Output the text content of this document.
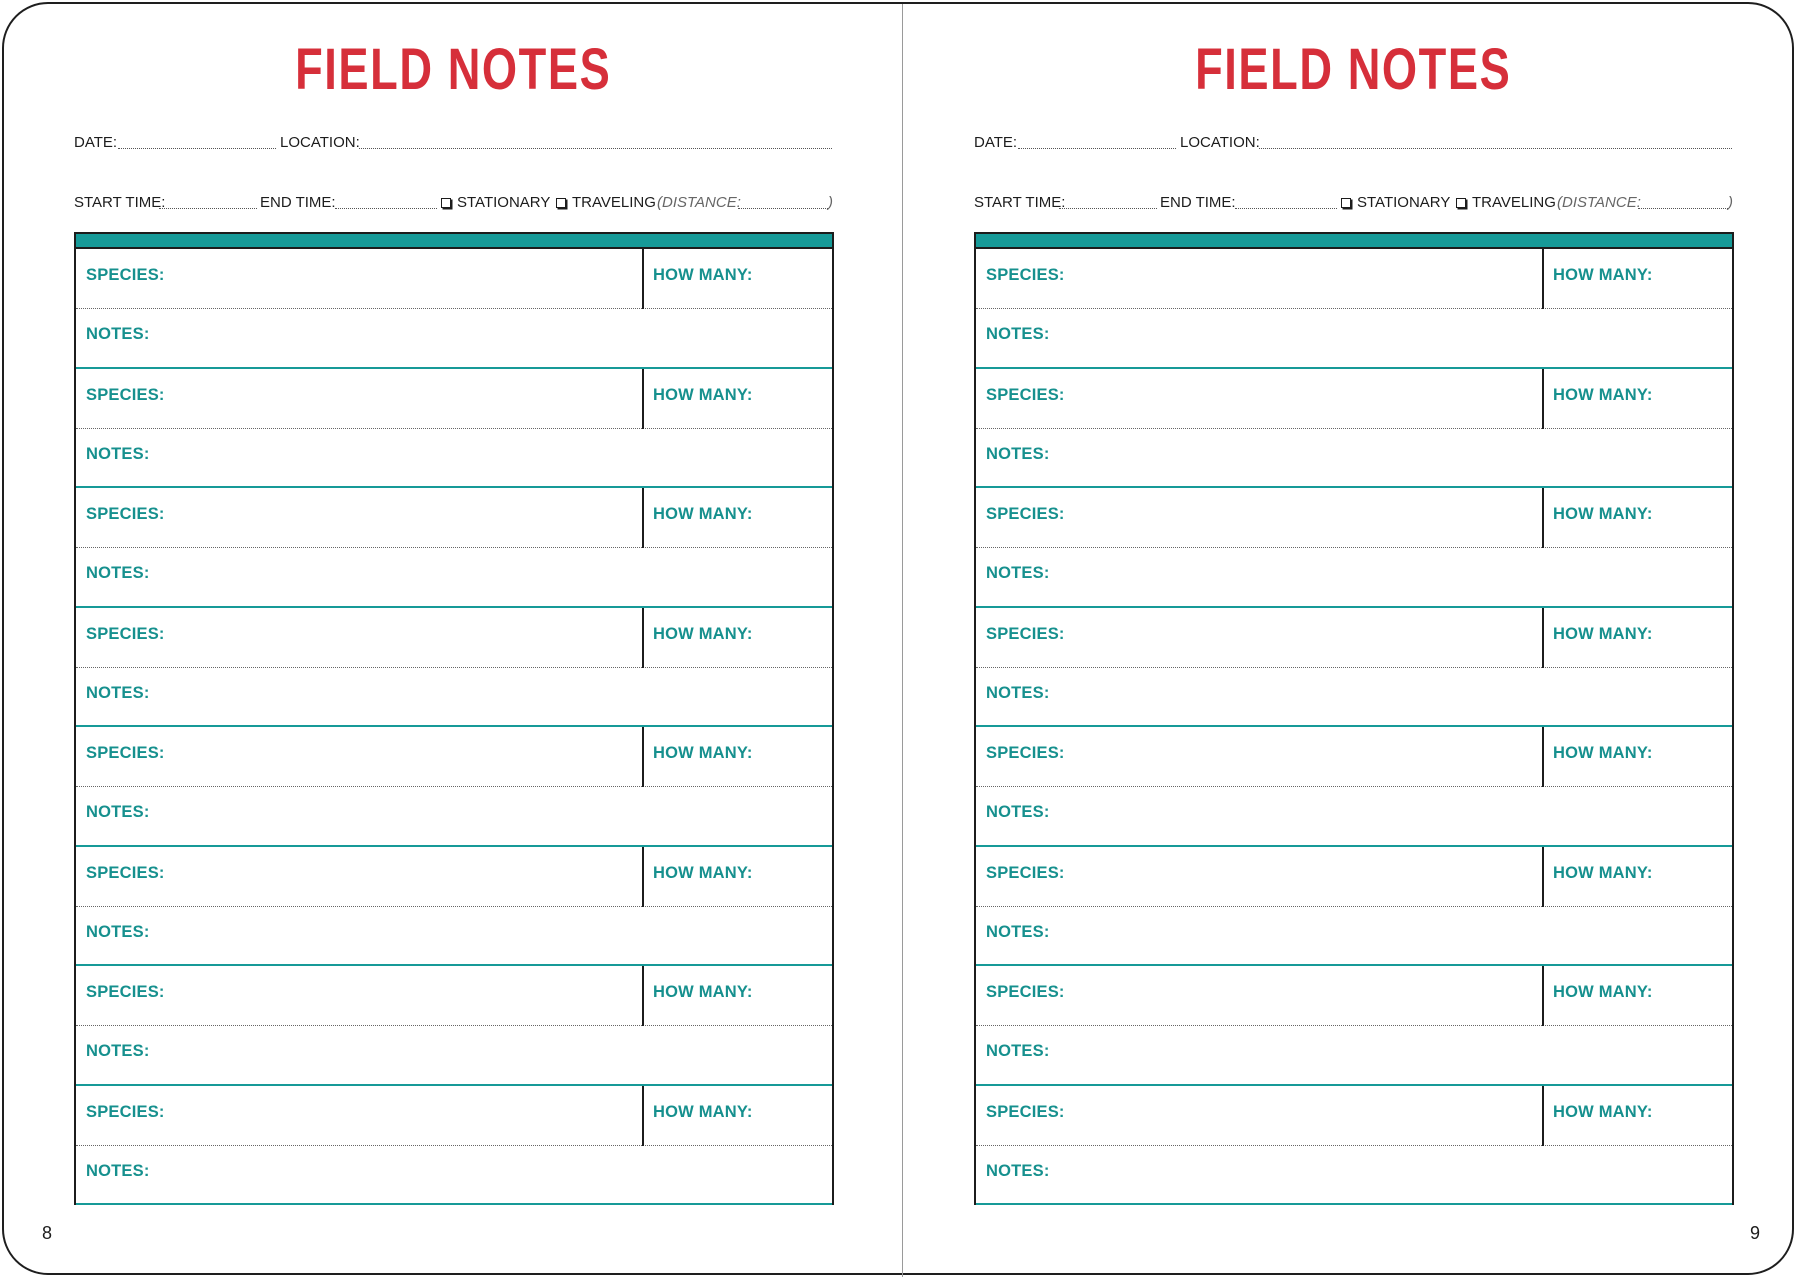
FIELD NOTES
DATE:	LOCATION:
START TIME:	END TIME:	STATIONARY	TRAVELING (DISTANCE:	)
SPECIES:	HOW MANY:
NOTES:
SPECIES:	HOW MANY:
NOTES:
SPECIES:	HOW MANY:
NOTES:
SPECIES:	HOW MANY:
NOTES:
SPECIES:	HOW MANY:
NOTES:
SPECIES:	HOW MANY:
NOTES:
SPECIES:	HOW MANY:
NOTES:
SPECIES:	HOW MANY:
NOTES:
8
FIELD NOTES
DATE:	LOCATION:
START TIME:	END TIME:	STATIONARY	TRAVELING (DISTANCE:	)
SPECIES:	HOW MANY:
NOTES:
SPECIES:	HOW MANY:
NOTES:
SPECIES:	HOW MANY:
NOTES:
SPECIES:	HOW MANY:
NOTES:
SPECIES:	HOW MANY:
NOTES:
SPECIES:	HOW MANY:
NOTES:
SPECIES:	HOW MANY:
NOTES:
SPECIES:	HOW MANY:
NOTES:
9
